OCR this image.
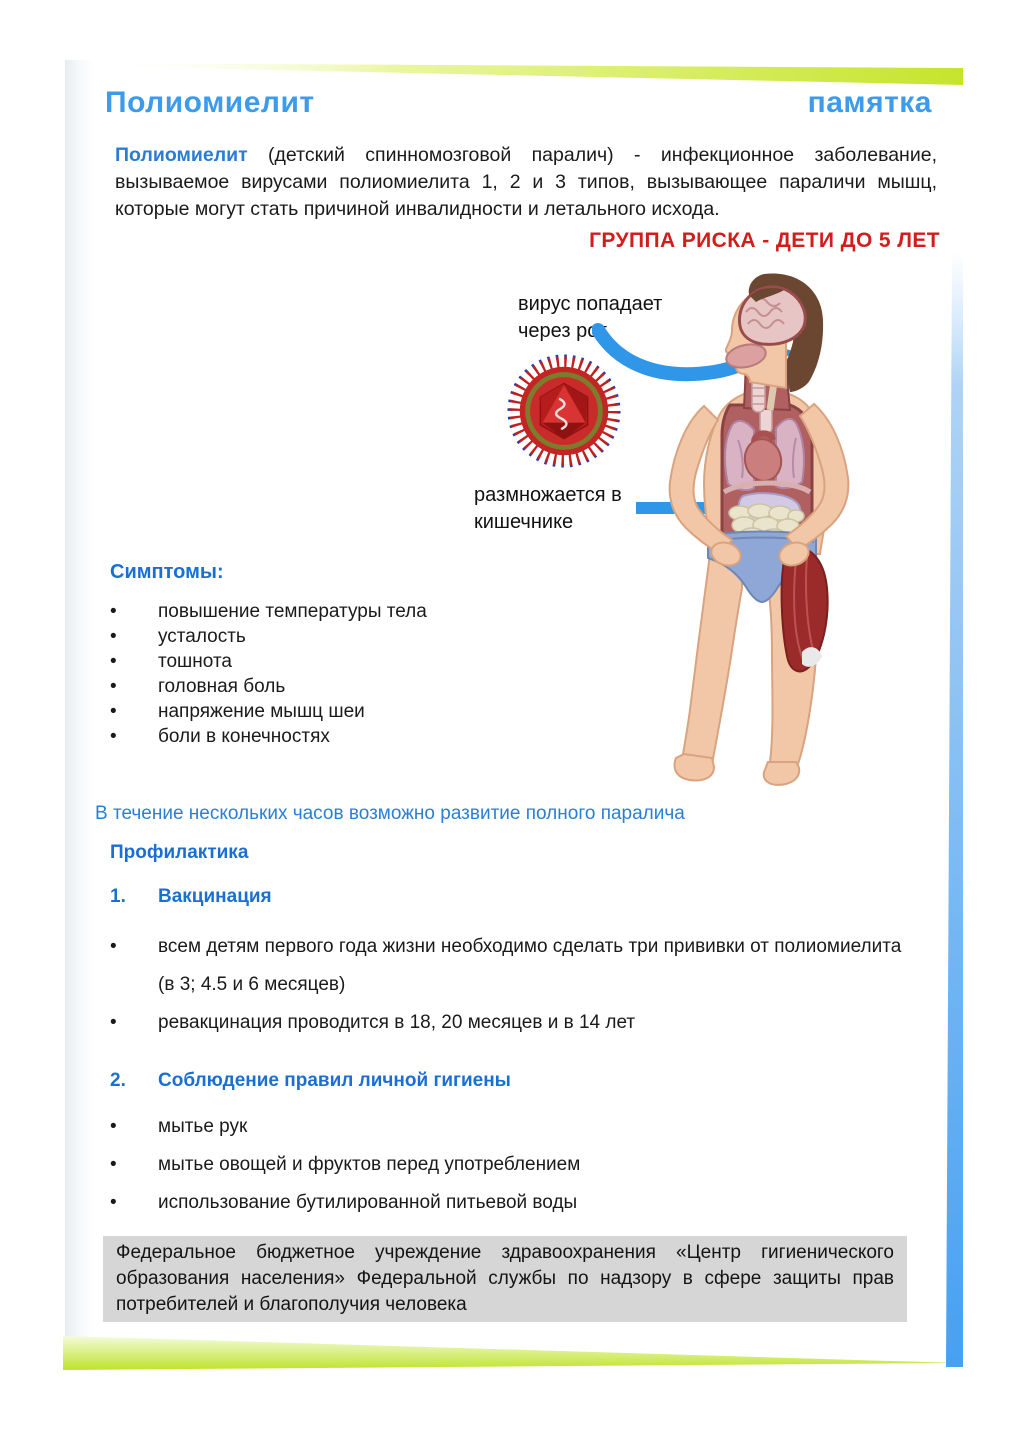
Полиомиелит	памятка

Полиомиелит (детский спинномозговой паралич) - инфекционное заболевание, вызываемое вирусами полиомиелита 1, 2 и 3 типов, вызывающее параличи мышц, которые могут стать причиной инвалидности и летального исхода.

ГРУППА РИСКА - ДЕТИ ДО 5 ЛЕТ
вирус попадает через рот
размножается в кишечнике
Симптомы:
•	повышение температуры тела
•	усталость
•	тошнота
•	головная боль
•	напряжение мышц шеи
•	боли в конечностях
В течение нескольких часов возможно развитие полного паралича
Профилактика
1.	Вакцинация
•	всем детям первого года жизни необходимо сделать три прививки от полиомиелита (в 3; 4.5 и 6 месяцев)
•	ревакцинация проводится в 18, 20 месяцев и в 14 лет
2.	Соблюдение правил личной гигиены
•	мытье рук
•	мытье овощей и фруктов перед употреблением
•	использование бутилированной питьевой воды
Федеральное бюджетное учреждение здравоохранения «Центр гигиенического образования населения» Федеральной службы по надзору в сфере защиты прав потребителей и благополучия человека
